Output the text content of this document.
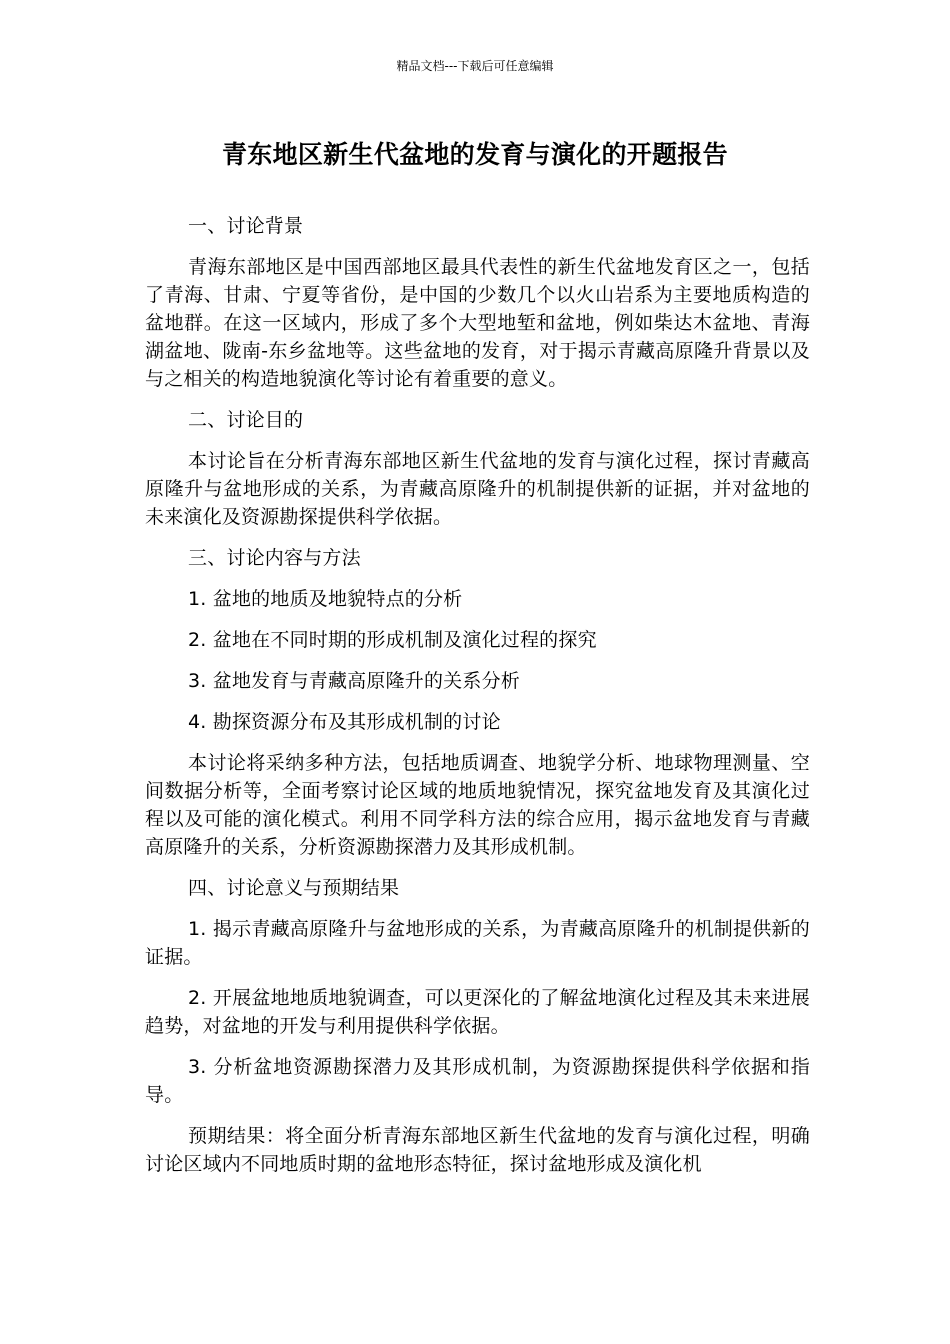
精品文档---下载后可任意编辑
青东地区新生代盆地的发育与演化的开题报告
一、讨论背景
青海东部地区是中国西部地区最具代表性的新生代盆地发育区之一，包括了青海、甘肃、宁夏等省份，是中国的少数几个以火山岩系为主要地质构造的盆地群。在这一区域内，形成了多个大型地堑和盆地，例如柴达木盆地、青海湖盆地、陇南-东乡盆地等。这些盆地的发育，对于揭示青藏高原隆升背景以及与之相关的构造地貌演化等讨论有着重要的意义。
二、讨论目的
本讨论旨在分析青海东部地区新生代盆地的发育与演化过程，探讨青藏高原隆升与盆地形成的关系，为青藏高原隆升的机制提供新的证据，并对盆地的未来演化及资源勘探提供科学依据。
三、讨论内容与方法
1. 盆地的地质及地貌特点的分析
2. 盆地在不同时期的形成机制及演化过程的探究
3. 盆地发育与青藏高原隆升的关系分析
4. 勘探资源分布及其形成机制的讨论
本讨论将采纳多种方法，包括地质调查、地貌学分析、地球物理测量、空间数据分析等，全面考察讨论区域的地质地貌情况，探究盆地发育及其演化过程以及可能的演化模式。利用不同学科方法的综合应用，揭示盆地发育与青藏高原隆升的关系，分析资源勘探潜力及其形成机制。
四、讨论意义与预期结果
1. 揭示青藏高原隆升与盆地形成的关系，为青藏高原隆升的机制提供新的证据。
2. 开展盆地地质地貌调查，可以更深化的了解盆地演化过程及其未来进展趋势，对盆地的开发与利用提供科学依据。
3. 分析盆地资源勘探潜力及其形成机制，为资源勘探提供科学依据和指导。
预期结果：将全面分析青海东部地区新生代盆地的发育与演化过程，明确讨论区域内不同地质时期的盆地形态特征，探讨盆地形成及演化机
